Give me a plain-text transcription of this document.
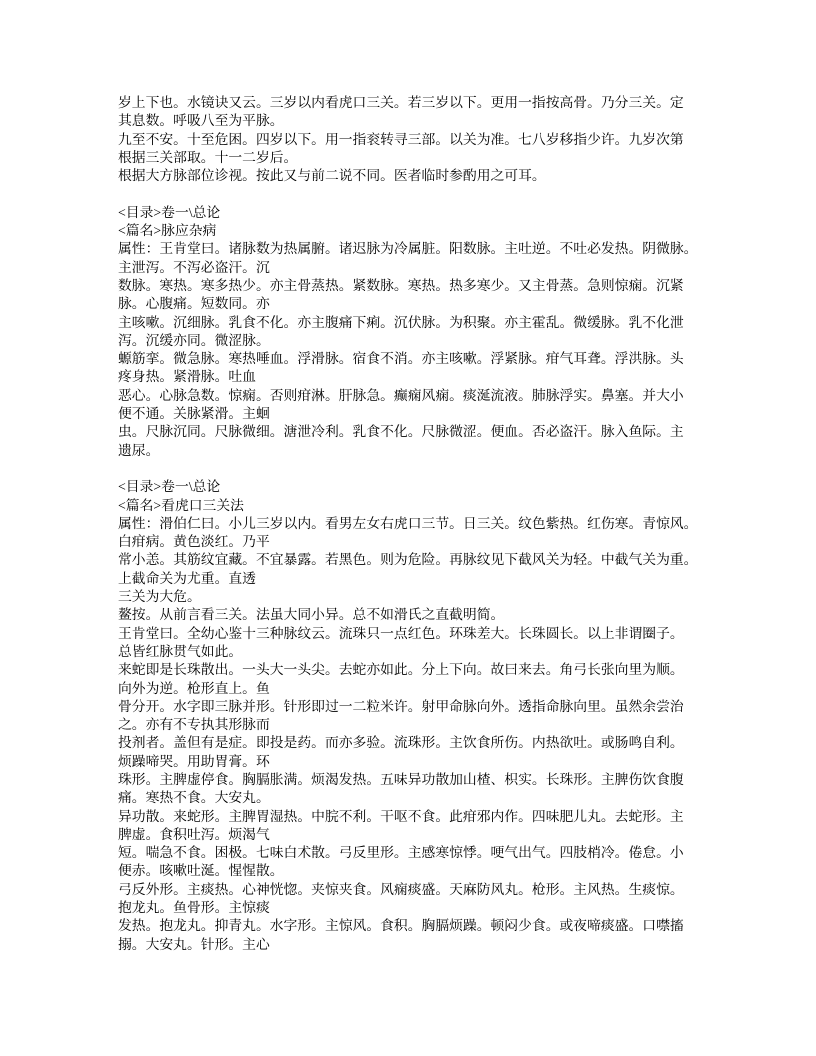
岁上下也。水镜诀又云。三岁以内看虎口三关。若三岁以下。更用一指按高骨。乃分三关。定
其息数。呼吸八至为平脉。
九至不安。十至危困。四岁以下。用一指衮转寻三部。以关为准。七八岁移指少许。九岁次第
根据三关部取。十一二岁后。
根据大方脉部位诊视。按此又与前二说不同。医者临时参酌用之可耳。
<目录>卷一\总论
<篇名>脉应杂病
属性：王肯堂曰。诸脉数为热属腑。诸迟脉为冷属脏。阳数脉。主吐逆。不吐必发热。阴微脉。
主泄泻。不泻必盗汗。沉
数脉。寒热。寒多热少。亦主骨蒸热。紧数脉。寒热。热多寒少。又主骨蒸。急则惊痫。沉紧
脉。心腹痛。短数同。亦
主咳嗽。沉细脉。乳食不化。亦主腹痛下痢。沉伏脉。为积聚。亦主霍乱。微缓脉。乳不化泄
泻。沉缓亦同。微涩脉。
螈筋挛。微急脉。寒热唾血。浮滑脉。宿食不消。亦主咳嗽。浮紧脉。疳气耳聋。浮洪脉。头
疼身热。紧滑脉。吐血
恶心。心脉急数。惊痫。否则疳淋。肝脉急。癫痫风痫。痰涎流液。肺脉浮实。鼻塞。并大小
便不通。关脉紧滑。主蛔
虫。尺脉沉同。尺脉微细。溏泄冷利。乳食不化。尺脉微涩。便血。否必盗汗。脉入鱼际。主
遗尿。
<目录>卷一\总论
<篇名>看虎口三关法
属性：滑伯仁曰。小儿三岁以内。看男左女右虎口三节。日三关。纹色紫热。红伤寒。青惊风。
白疳病。黄色淡红。乃平
常小恙。其筋纹宜藏。不宜暴露。若黑色。则为危险。再脉纹见下截风关为轻。中截气关为重。
上截命关为尤重。直透
三关为大危。
鳌按。从前言看三关。法虽大同小异。总不如滑氏之直截明简。
王肯堂曰。全幼心鉴十三种脉纹云。流珠只一点红色。环珠差大。长珠圆长。以上非谓圈子。
总皆红脉贯气如此。
来蛇即是长珠散出。一头大一头尖。去蛇亦如此。分上下向。故曰来去。角弓长张向里为顺。
向外为逆。枪形直上。鱼
骨分开。水字即三脉并形。针形即过一二粒米许。射甲命脉向外。透指命脉向里。虽然余尝治
之。亦有不专执其形脉而
投剂者。盖但有是症。即投是药。而亦多验。流珠形。主饮食所伤。内热欲吐。或肠鸣自利。
烦躁啼哭。用助胃膏。环
珠形。主脾虚停食。胸膈胀满。烦渴发热。五味异功散加山楂、枳实。长珠形。主脾伤饮食腹
痛。寒热不食。大安丸。
异功散。来蛇形。主脾胃湿热。中脘不利。干呕不食。此疳邪内作。四味肥儿丸。去蛇形。主
脾虚。食积吐泻。烦渴气
短。喘急不食。困极。七味白术散。弓反里形。主感寒惊悸。哽气出气。四肢梢冷。倦怠。小
便赤。咳嗽吐涎。惺惺散。
弓反外形。主痰热。心神恍惚。夹惊夹食。风痫痰盛。天麻防风丸。枪形。主风热。生痰惊。
抱龙丸。鱼骨形。主惊痰
发热。抱龙丸。抑青丸。水字形。主惊风。食积。胸膈烦躁。顿闷少食。或夜啼痰盛。口噤搐
搦。大安丸。针形。主心
